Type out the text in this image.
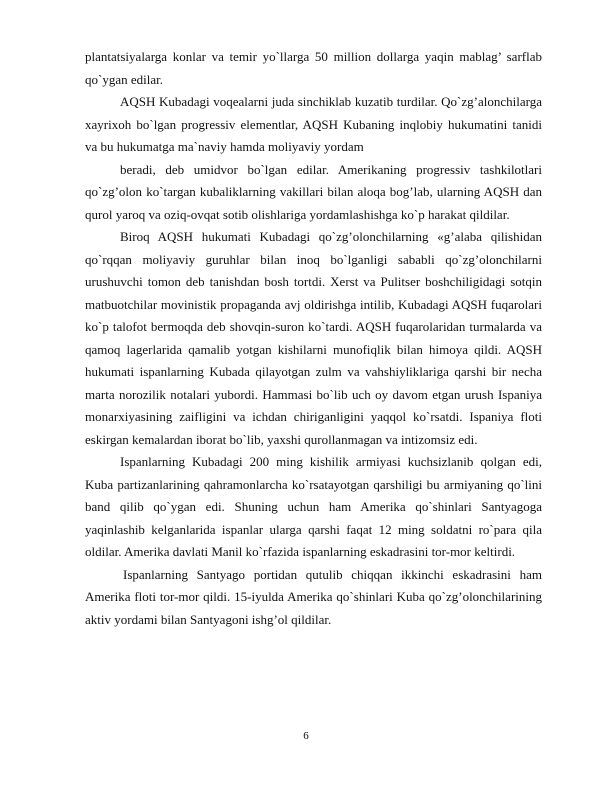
plantatsiyalarga konlar va temir yo`llarga 50 million dollarga yaqin mablag’ sarflab qo`ygan edilar.

AQSH Kubadagi voqealarni juda sinchiklab kuzatib turdilar. Qo`zg’alonchilarga xayrixoh bo`lgan progressiv elementlar, AQSH Kubaning inqlobiy hukumatini tanidi va bu hukumatga ma`naviy hamda moliyaviy yordam

beradi, deb umidvor bo`lgan edilar. Amerikaning progressiv tashkilotlari qo`zg’olon ko`targan kubaliklarning vakillari bilan aloqa bog’lab, ularning AQSH dan qurol yaroq va oziq-ovqat sotib olishlariga yordamlashishga ko`p harakat qildilar.

Biroq AQSH hukumati Kubadagi qo`zg’olonchilarning «g’alaba qilishidan qo`rqqan moliyaviy guruhlar bilan inoq bo`lganligi sababli qo`zg’olonchilarni urushuvchi tomon deb tanishdan bosh tortdi. Xerst va Pulitser boshchiligidagi sotqin matbuotchilar movinistik propaganda avj oldirishga intilib, Kubadagi AQSH fuqarolari ko`p talofot bermoqda deb shovqin-suron ko`tardi. AQSH fuqarolaridan turmalarda va qamoq lagerlarida qamalib yotgan kishilarni munofiqlik bilan himoya qildi. AQSH hukumati ispanlarning Kubada qilayotgan zulm va vahshiyliklariga qarshi bir necha marta norozilik notalari yubordi. Hammasi bo`lib uch oy davom etgan urush Ispaniya monarxiyasining zaifligini va ichdan chiriganligini yaqqol ko`rsatdi. Ispaniya floti eskirgan kemalardan iborat bo`lib, yaxshi qurollanmagan va intizomsiz edi.

Ispanlarning Kubadagi 200 ming kishilik armiyasi kuchsizlanib qolgan edi, Kuba partizanlarining qahramonlarcha ko`rsatayotgan qarshiligi bu armiyaning qo`lini band qilib qo`ygan edi. Shuning uchun ham Amerika qo`shinlari Santyagoga yaqinlashib kelganlarida ispanlar ularga qarshi faqat 12 ming soldatni ro`para qila oldilar. Amerika davlati Manil ko`rfazida ispanlarning eskadrasini tor-mor keltirdi.

Ispanlarning Santyago portidan qutulib chiqqan ikkinchi eskadrasini ham Amerika floti tor-mor qildi. 15-iyulda Amerika qo`shinlari Kuba qo`zg’olonchilarining aktiv yordami bilan Santyagoni ishg’ol qildilar.

6
